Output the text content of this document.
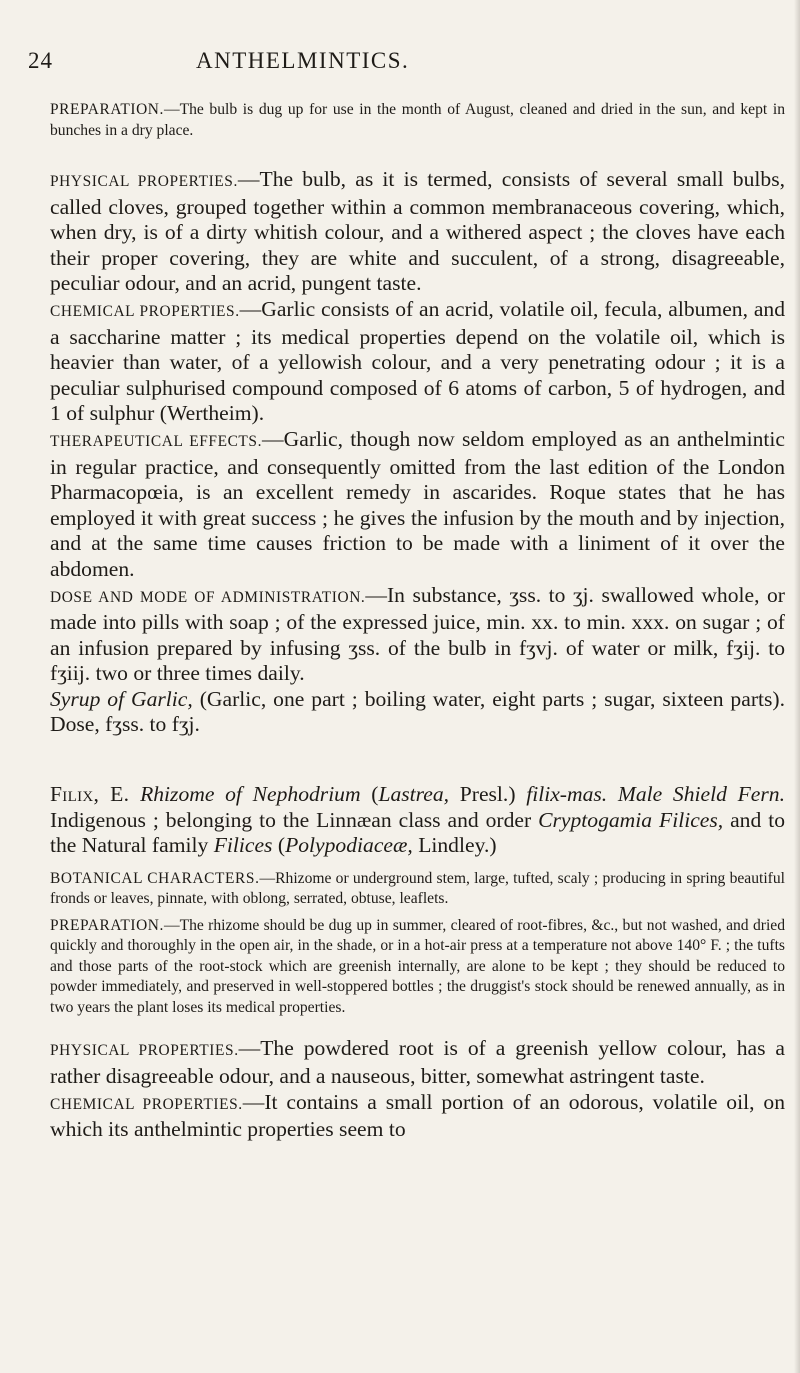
24	ANTHELMINTICS.

PREPARATION.—The bulb is dug up for use in the month of August, cleaned and dried in the sun, and kept in bunches in a dry place.

PHYSICAL PROPERTIES.—The bulb, as it is termed, consists of several small bulbs, called cloves, grouped together within a common membranaceous covering, which, when dry, is of a dirty whitish colour, and a withered aspect ; the cloves have each their proper covering, they are white and succulent, of a strong, disagreeable, peculiar odour, and an acrid, pungent taste.

CHEMICAL PROPERTIES.—Garlic consists of an acrid, volatile oil, fecula, albumen, and a saccharine matter ; its medical properties depend on the volatile oil, which is heavier than water, of a yellowish colour, and a very penetrating odour ; it is a peculiar sulphurised compound composed of 6 atoms of carbon, 5 of hydrogen, and 1 of sulphur (Wertheim).

THERAPEUTICAL EFFECTS.—Garlic, though now seldom employed as an anthelmintic in regular practice, and consequently omitted from the last edition of the London Pharmacopœia, is an excellent remedy in ascarides. Roque states that he has employed it with great success ; he gives the infusion by the mouth and by injection, and at the same time causes friction to be made with a liniment of it over the abdomen.

DOSE AND MODE OF ADMINISTRATION.—In substance, ʒss. to ʒj. swallowed whole, or made into pills with soap ; of the expressed juice, min. xx. to min. xxx. on sugar ; of an infusion prepared by infusing ʒss. of the bulb in fʒvj. of water or milk, fʒij. to fʒiij. two or three times daily.

Syrup of Garlic, (Garlic, one part ; boiling water, eight parts ; sugar, sixteen parts). Dose, fʒss. to fʒj.

Filix, E. Rhizome of Nephodrium (Lastrea, Presl.) filix-mas. Male Shield Fern. Indigenous ; belonging to the Linnæan class and order Cryptogamia Filices, and to the Natural family Filices (Polypodiaceæ, Lindley.)

BOTANICAL CHARACTERS.—Rhizome or underground stem, large, tufted, scaly ; producing in spring beautiful fronds or leaves, pinnate, with oblong, serrated, obtuse, leaflets.

PREPARATION.—The rhizome should be dug up in summer, cleared of root-fibres, &c., but not washed, and dried quickly and thoroughly in the open air, in the shade, or in a hot-air press at a temperature not above 140° F. ; the tufts and those parts of the root-stock which are greenish internally, are alone to be kept ; they should be reduced to powder immediately, and preserved in well-stoppered bottles ; the druggist's stock should be renewed annually, as in two years the plant loses its medical properties.

PHYSICAL PROPERTIES.—The powdered root is of a greenish yellow colour, has a rather disagreeable odour, and a nauseous, bitter, somewhat astringent taste.

CHEMICAL PROPERTIES.—It contains a small portion of an odorous, volatile oil, on which its anthelmintic properties seem to
